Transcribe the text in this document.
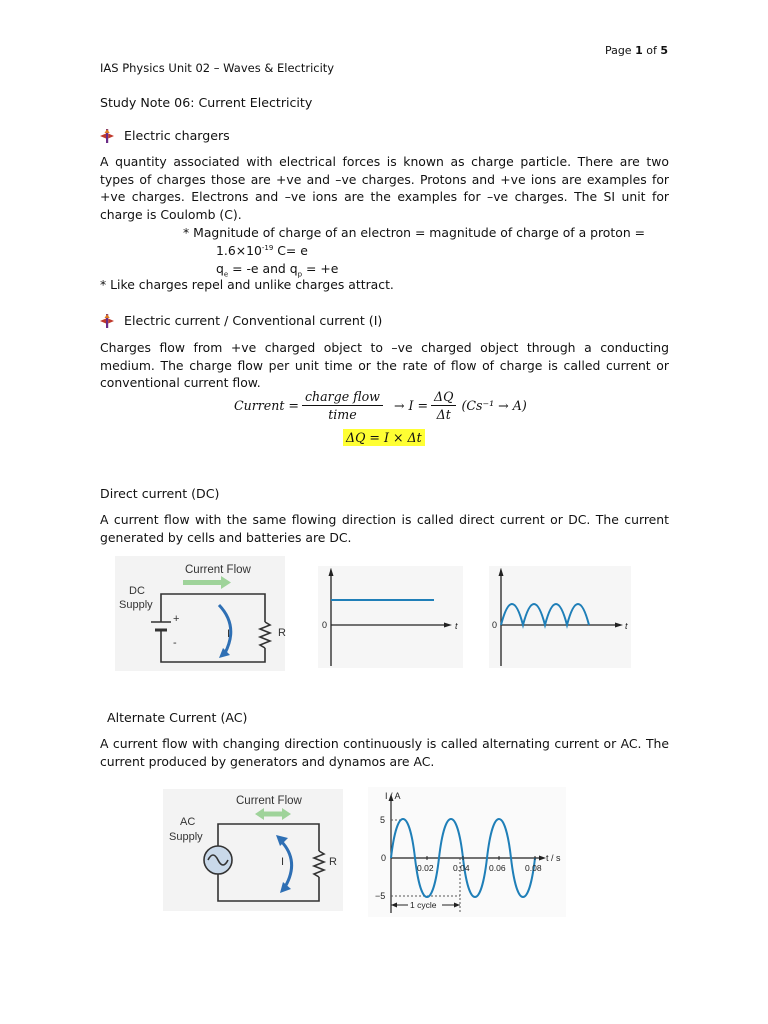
Page 1 of 5
IAS Physics Unit 02 – Waves & Electricity
Study Note 06: Current Electricity
Electric chargers
A quantity associated with electrical forces is known as charge particle. There are two types of charges those are +ve and –ve charges. Protons and +ve ions are examples for +ve charges. Electrons and –ve ions are the examples for –ve charges. The SI unit for charge is Coulomb (C).
* Magnitude of charge of an electron = magnitude of charge of a proton =
$1.6\times 10^{-19}$ C= e
$q_e = -e$ and $q_p = +e$
* Like charges repel and unlike charges attract.
Electric current / Conventional current (I)
Charges flow from +ve charged object to –ve charged object through a conducting medium. The charge flow per unit time or the rate of flow of charge is called current or conventional current flow.
Current = $\frac{\text{charge flow}}{\text{time}} \to I = \frac{\Delta Q}{\Delta t} (Cs^{-1} \to A)$
ΔQ = I × Δt
Direct current (DC)
A current flow with the same flowing direction is called direct current or DC. The current generated by cells and batteries are DC.
Current Flow
DC
Supply
+
-
R
I
I
t
0
I
t
0
Alternate Current (AC)
A current flow with changing direction continuously is called alternating current or AC. The current produced by generators and dynamos are AC.
Current Flow
AC
Supply
R
I
I / A
t / s
5
0
−5
0.02 0.04 0.06 0.08
1 cycle
